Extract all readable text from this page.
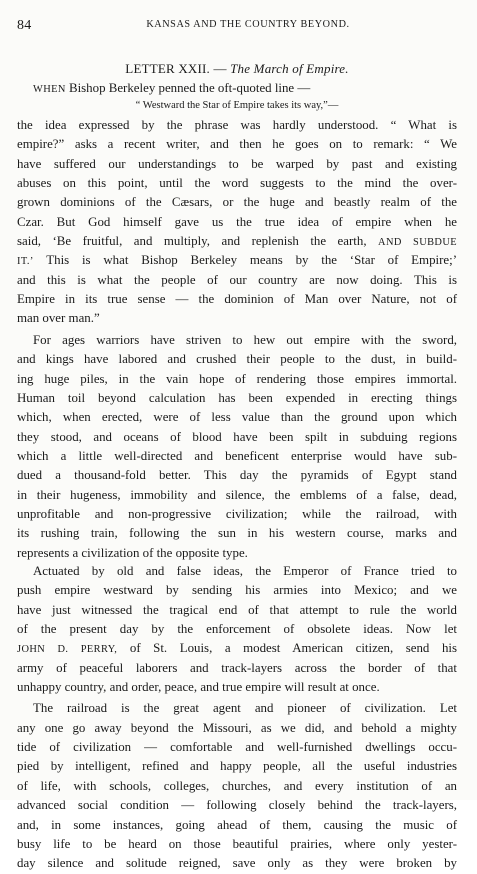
84	KANSAS AND THE COUNTRY BEYOND.
LETTER XXII. — The March of Empire.
WHEN Bishop Berkeley penned the oft-quoted line —
“ Westward the Star of Empire takes its way,”—
the idea expressed by the phrase was hardly understood. “ What is
empire?” asks a recent writer, and then he goes on to remark: “ We
have suffered our understandings to be warped by past and existing
abuses on this point, until the word suggests to the mind the over-
grown dominions of the Cæsars, or the huge and beastly realm of the
Czar. But God himself gave us the true idea of empire when he
said, ‘Be fruitful, and multiply, and replenish the earth, AND SUBDUE
IT.’ This is what Bishop Berkeley means by the ‘Star of Empire;’
and this is what the people of our country are now doing. This is
Empire in its true sense — the dominion of Man over Nature, not of
man over man.”
For ages warriors have striven to hew out empire with the sword,
and kings have labored and crushed their people to the dust, in build-
ing huge piles, in the vain hope of rendering those empires immortal.
Human toil beyond calculation has been expended in erecting things
which, when erected, were of less value than the ground upon which
they stood, and oceans of blood have been spilt in subduing regions
which a little well-directed and beneficent enterprise would have sub-
dued a thousand-fold better. This day the pyramids of Egypt stand
in their hugeness, immobility and silence, the emblems of a false, dead,
unprofitable and non-progressive civilization; while the railroad, with
its rushing train, following the sun in his western course, marks and
represents a civilization of the opposite type.
Actuated by old and false ideas, the Emperor of France tried to
push empire westward by sending his armies into Mexico; and we
have just witnessed the tragical end of that attempt to rule the world
of the present day by the enforcement of obsolete ideas. Now let
JOHN D. PERRY, of St. Louis, a modest American citizen, send his
army of peaceful laborers and track-layers across the border of that
unhappy country, and order, peace, and true empire will result at once.
The railroad is the great agent and pioneer of civilization. Let
any one go away beyond the Missouri, as we did, and behold a mighty
tide of civilization — comfortable and well-furnished dwellings occu-
pied by intelligent, refined and happy people, all the useful industries
of life, with schools, colleges, churches, and every institution of an
advanced social condition — following closely behind the track-layers,
and, in some instances, going ahead of them, causing the music of
busy life to be heard on those beautiful prairies, where only yester-
day silence and solitude reigned, save only as they were broken by
